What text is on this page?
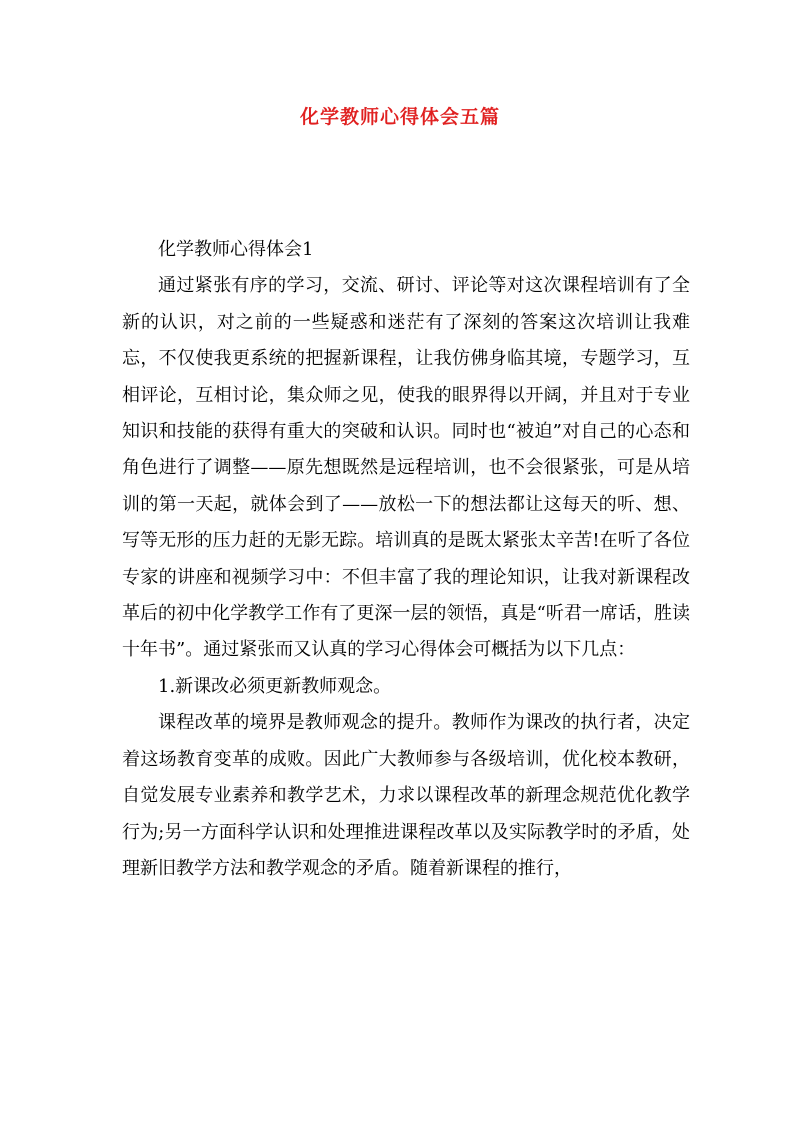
化学教师心得体会五篇

化学教师心得体会1

通过紧张有序的学习，交流、研讨、评论等对这次课程培训有了全新的认识，对之前的一些疑惑和迷茫有了深刻的答案这次培训让我难忘，不仅使我更系统的把握新课程，让我仿佛身临其境，专题学习，互相评论，互相讨论，集众师之见，使我的眼界得以开阔，并且对于专业知识和技能的获得有重大的突破和认识。同时也“被迫”对自己的心态和角色进行了调整——原先想既然是远程培训，也不会很紧张，可是从培训的第一天起，就体会到了——放松一下的想法都让这每天的听、想、写等无形的压力赶的无影无踪。培训真的是既太紧张太辛苦!在听了各位专家的讲座和视频学习中：不但丰富了我的理论知识，让我对新课程改革后的初中化学教学工作有了更深一层的领悟，真是“听君一席话，胜读十年书”。通过紧张而又认真的学习心得体会可概括为以下几点：

1.新课改必须更新教师观念。

课程改革的境界是教师观念的提升。教师作为课改的执行者，决定着这场教育变革的成败。因此广大教师参与各级培训，优化校本教研，自觉发展专业素养和教学艺术，力求以课程改革的新理念规范优化教学行为;另一方面科学认识和处理推进课程改革以及实际教学时的矛盾，处理新旧教学方法和教学观念的矛盾。随着新课程的推行，
